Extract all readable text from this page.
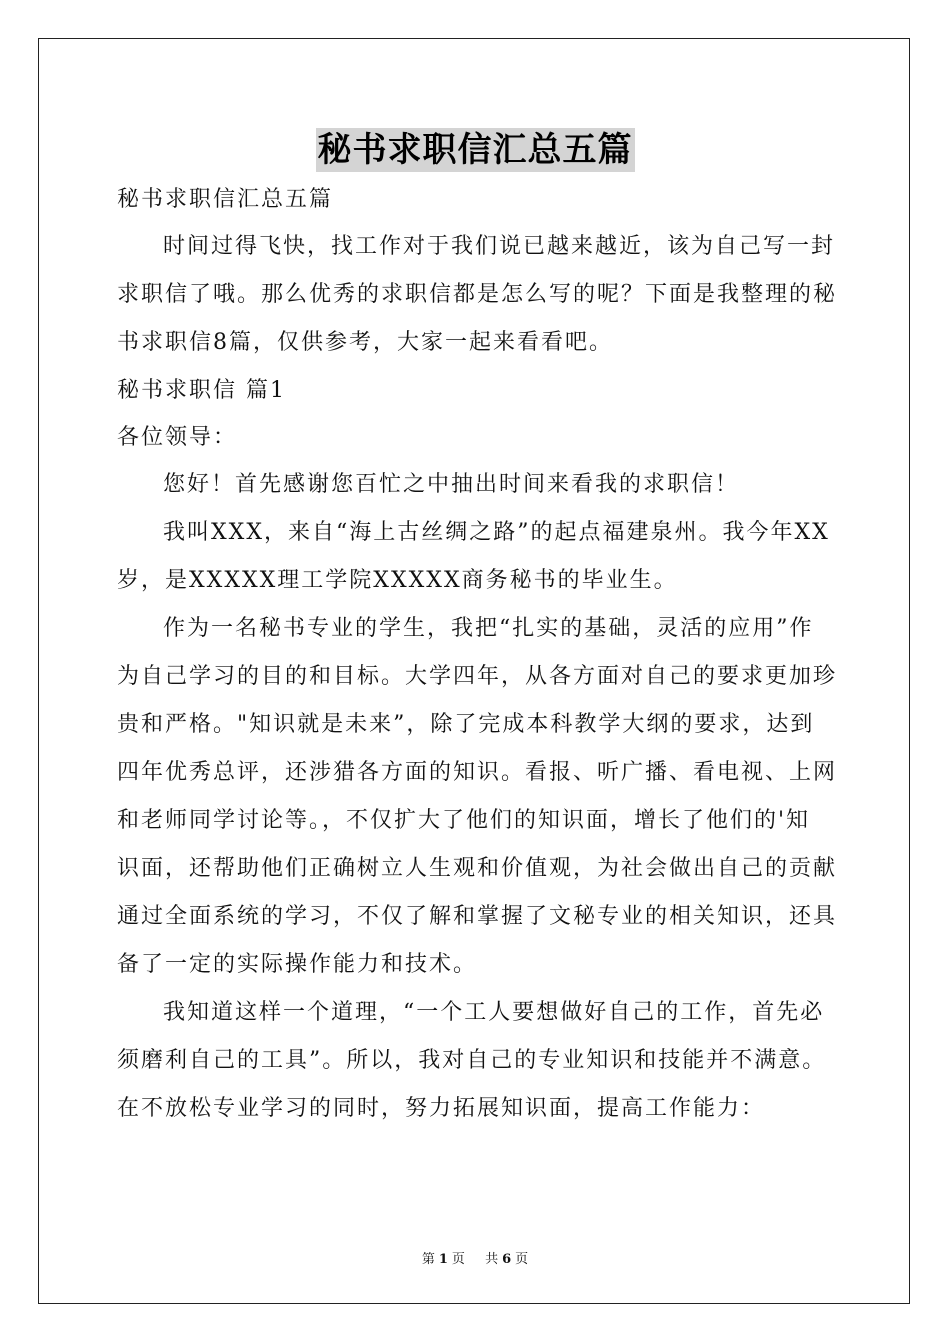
秘书求职信汇总五篇
秘书求职信汇总五篇
时间过得飞快，找工作对于我们说已越来越近，该为自己写一封
求职信了哦。那么优秀的求职信都是怎么写的呢？下面是我整理的秘
书求职信8篇，仅供参考，大家一起来看看吧。
秘书求职信 篇1
各位领导：
您好！首先感谢您百忙之中抽出时间来看我的求职信！
我叫XXX，来自“海上古丝绸之路”的起点福建泉州。我今年XX
岁，是XXXXX理工学院XXXXX商务秘书的毕业生。
作为一名秘书专业的学生，我把“扎实的基础，灵活的应用”作
为自己学习的目的和目标。大学四年，从各方面对自己的要求更加珍
贵和严格。"知识就是未来”，除了完成本科教学大纲的要求，达到
四年优秀总评，还涉猎各方面的知识。看报、听广播、看电视、上网
和老师同学讨论等。，不仅扩大了他们的知识面，增长了他们的'知
识面，还帮助他们正确树立人生观和价值观，为社会做出自己的贡献
通过全面系统的学习，不仅了解和掌握了文秘专业的相关知识，还具
备了一定的实际操作能力和技术。
我知道这样一个道理，“一个工人要想做好自己的工作，首先必
须磨利自己的工具”。所以，我对自己的专业知识和技能并不满意。
在不放松专业学习的同时，努力拓展知识面，提高工作能力：
第 1 页 共 6 页
